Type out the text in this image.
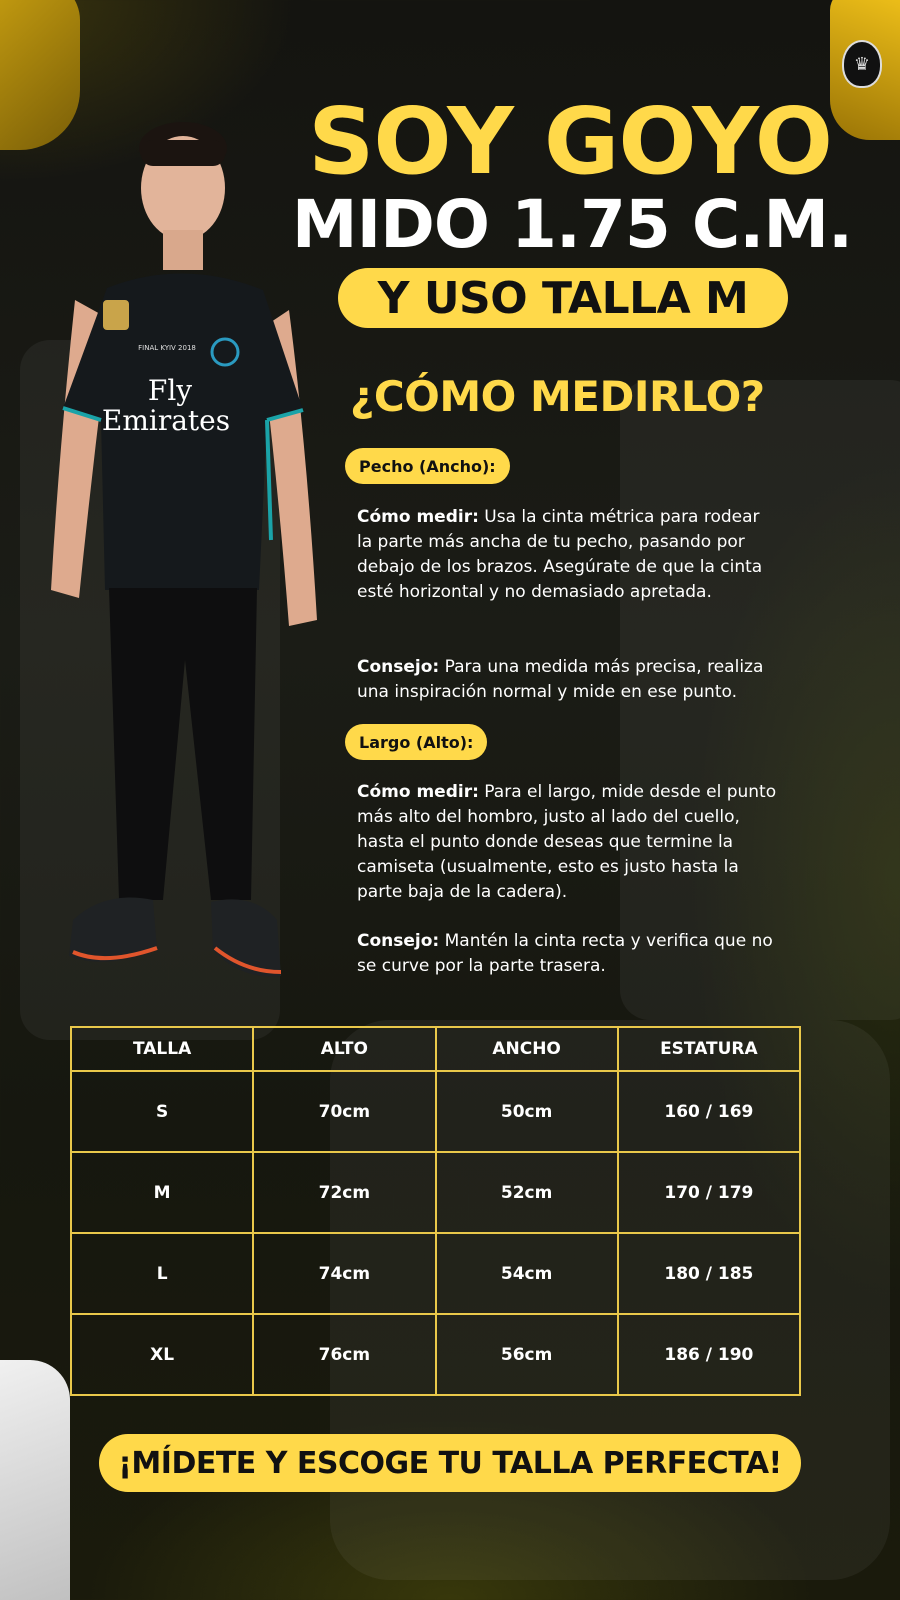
♛
Fly
Emirates
FINAL KYIV 2018
SOY GOYO
MIDO 1.75 C.M.
Y USO TALLA M
¿CÓMO MEDIRLO?
Pecho (Ancho):

Cómo medir: Usa la cinta métrica para rodear la parte más ancha de tu pecho, pasando por debajo de los brazos. Asegúrate de que la cinta esté horizontal y no demasiado apretada.

Consejo: Para una medida más precisa, realiza una inspiración normal y mide en ese punto.

Largo (Alto):

Cómo medir: Para el largo, mide desde el punto más alto del hombro, justo al lado del cuello, hasta el punto donde deseas que termine la camiseta (usualmente, esto es justo hasta la parte baja de la cadera).

Consejo: Mantén la cinta recta y verifica que no se curve por la parte trasera.

TALLA	ALTO	ANCHO	ESTATURA
S	70cm	50cm	160 / 169
M	72cm	52cm	170 / 179
L	74cm	54cm	180 / 185
XL	76cm	56cm	186 / 190
¡MÍDETE Y ESCOGE TU TALLA PERFECTA!
